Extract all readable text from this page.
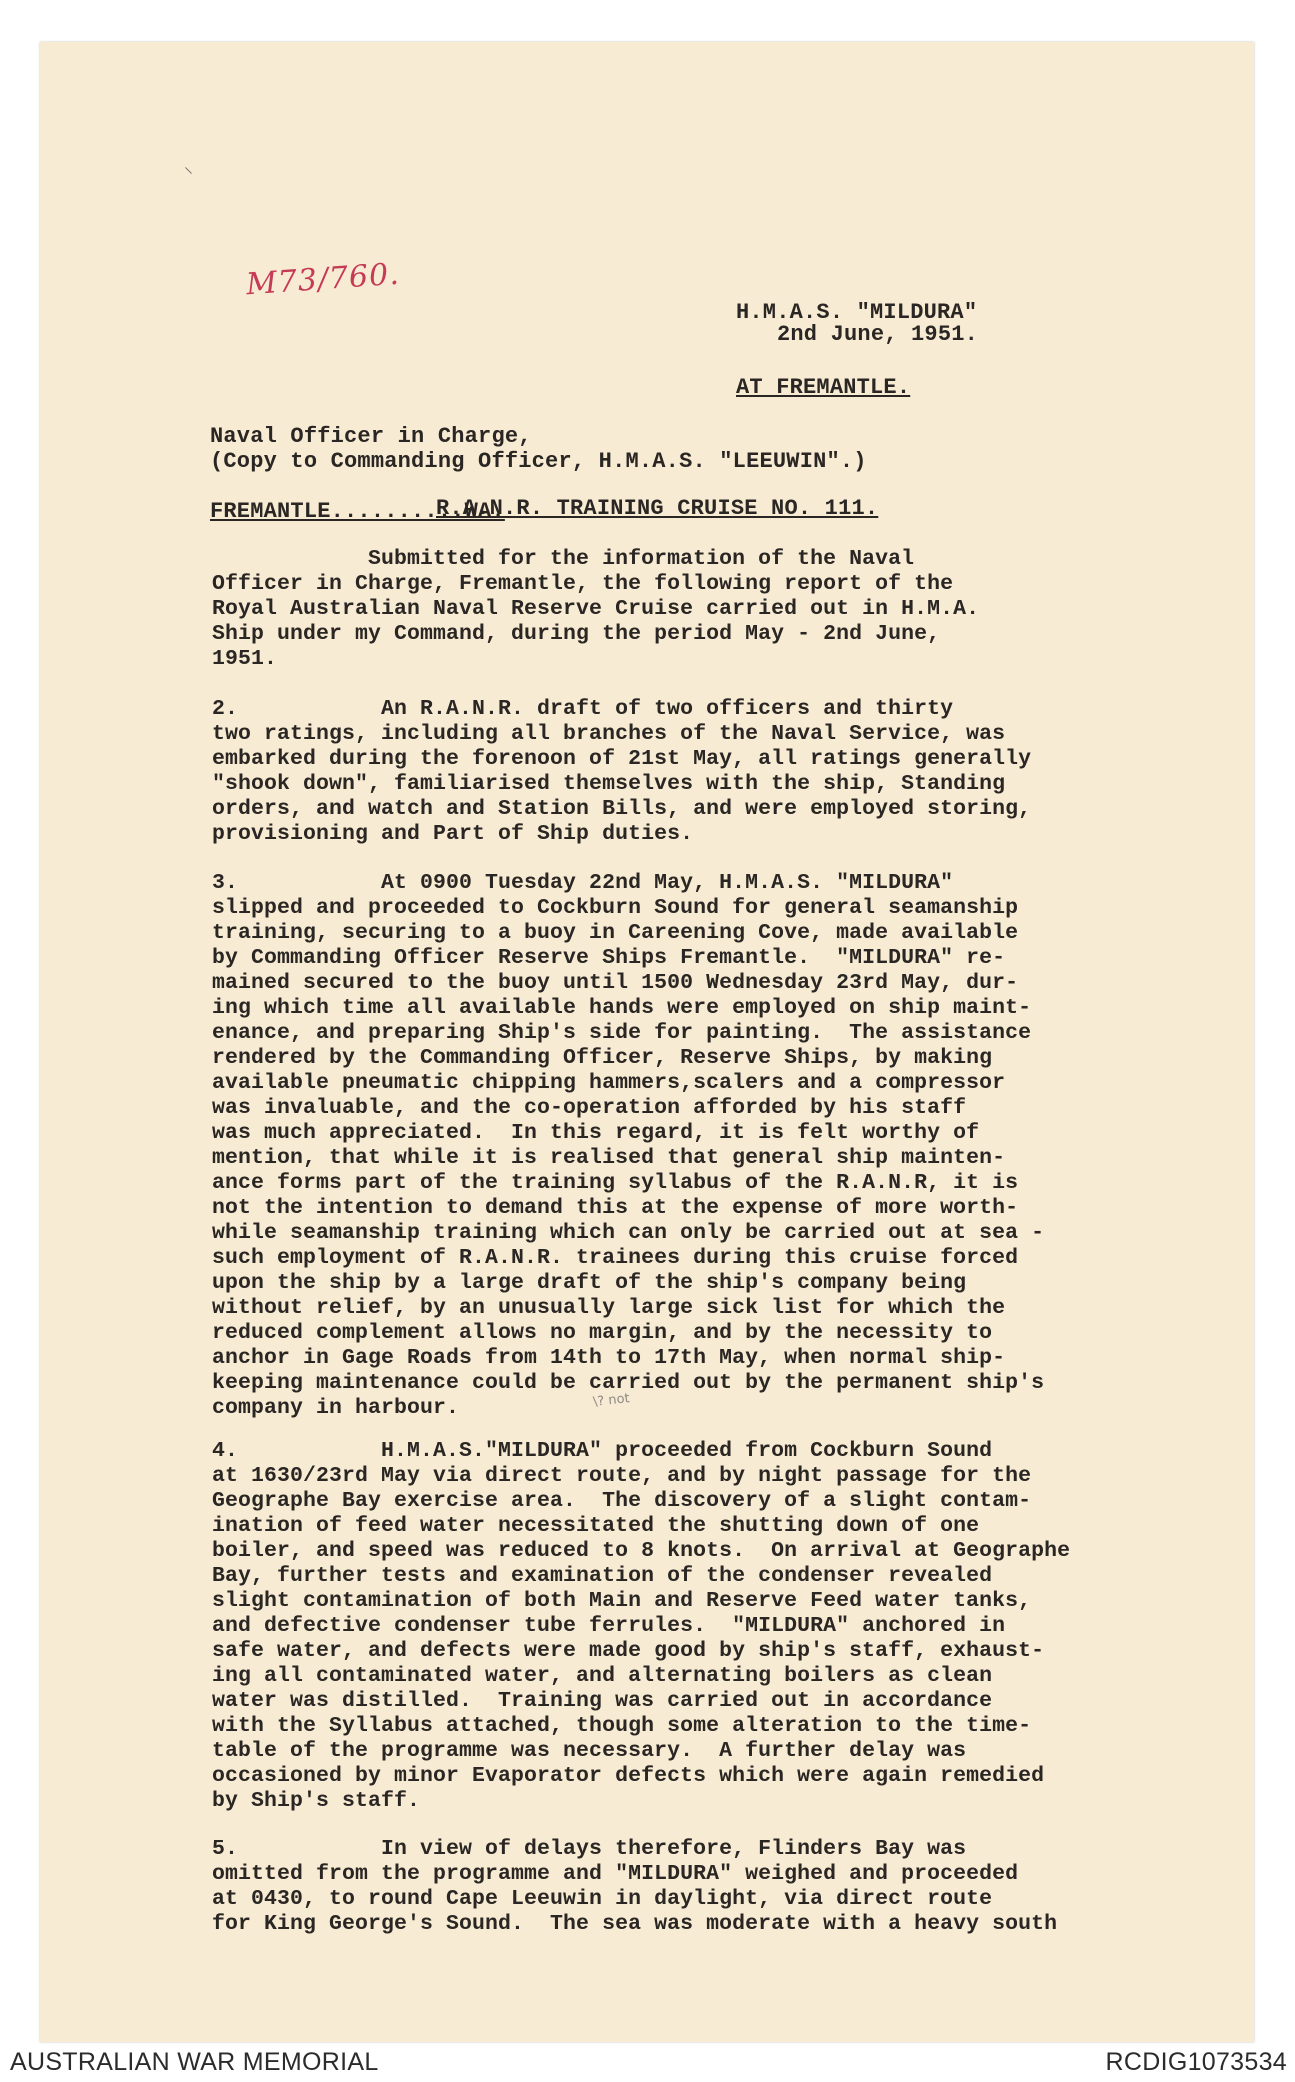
⸌
M73/760.

H.M.A.S. "MILDURA"

AT FREMANTLE.

2nd June, 1951.

Naval Officer in Charge,

FREMANTLE..........WA.

(Copy to Commanding Officer, H.M.A.S. "LEEUWIN".)
R.A.N.R. TRAINING CRUISE NO. 111.
Submitted for the information of the Naval
Officer in Charge, Fremantle, the following report of the
Royal Australian Naval Reserve Cruise carried out in H.M.A.
Ship under my Command, during the period May - 2nd June,
1951.
2.           An R.A.N.R. draft of two officers and thirty
two ratings, including all branches of the Naval Service, was
embarked during the forenoon of 21st May, all ratings generally
"shook down", familiarised themselves with the ship, Standing
orders, and watch and Station Bills, and were employed storing,
provisioning and Part of Ship duties.
3.           At 0900 Tuesday 22nd May, H.M.A.S. "MILDURA"
slipped and proceeded to Cockburn Sound for general seamanship
training, securing to a buoy in Careening Cove, made available
by Commanding Officer Reserve Ships Fremantle.  "MILDURA" re-
mained secured to the buoy until 1500 Wednesday 23rd May, dur-
ing which time all available hands were employed on ship maint-
enance, and preparing Ship's side for painting.  The assistance
rendered by the Commanding Officer, Reserve Ships, by making
available pneumatic chipping hammers,scalers and a compressor
was invaluable, and the co-operation afforded by his staff
was much appreciated.  In this regard, it is felt worthy of
mention, that while it is realised that general ship mainten-
ance forms part of the training syllabus of the R.A.N.R, it is
not the intention to demand this at the expense of more worth-
while seamanship training which can only be carried out at sea -
such employment of R.A.N.R. trainees during this cruise forced
upon the ship by a large draft of the ship's company being
without relief, by an unusually large sick list for which the
reduced complement allows no margin, and by the necessity to
anchor in Gage Roads from 14th to 17th May, when normal ship-
keeping maintenance could be carried out by the permanent ship's
company in harbour.	\? not
4.           H.M.A.S."MILDURA" proceeded from Cockburn Sound
at 1630/23rd May via direct route, and by night passage for the
Geographe Bay exercise area.  The discovery of a slight contam-
ination of feed water necessitated the shutting down of one
boiler, and speed was reduced to 8 knots.  On arrival at Geographe
Bay, further tests and examination of the condenser revealed
slight contamination of both Main and Reserve Feed water tanks,
and defective condenser tube ferrules.  "MILDURA" anchored in
safe water, and defects were made good by ship's staff, exhaust-
ing all contaminated water, and alternating boilers as clean
water was distilled.  Training was carried out in accordance
with the Syllabus attached, though some alteration to the time-
table of the programme was necessary.  A further delay was
occasioned by minor Evaporator defects which were again remedied
by Ship's staff.
5.           In view of delays therefore, Flinders Bay was
omitted from the programme and "MILDURA" weighed and proceeded
at 0430, to round Cape Leeuwin in daylight, via direct route
for King George's Sound.  The sea was moderate with a heavy south
AUSTRALIAN WAR MEMORIAL	RCDIG1073534
